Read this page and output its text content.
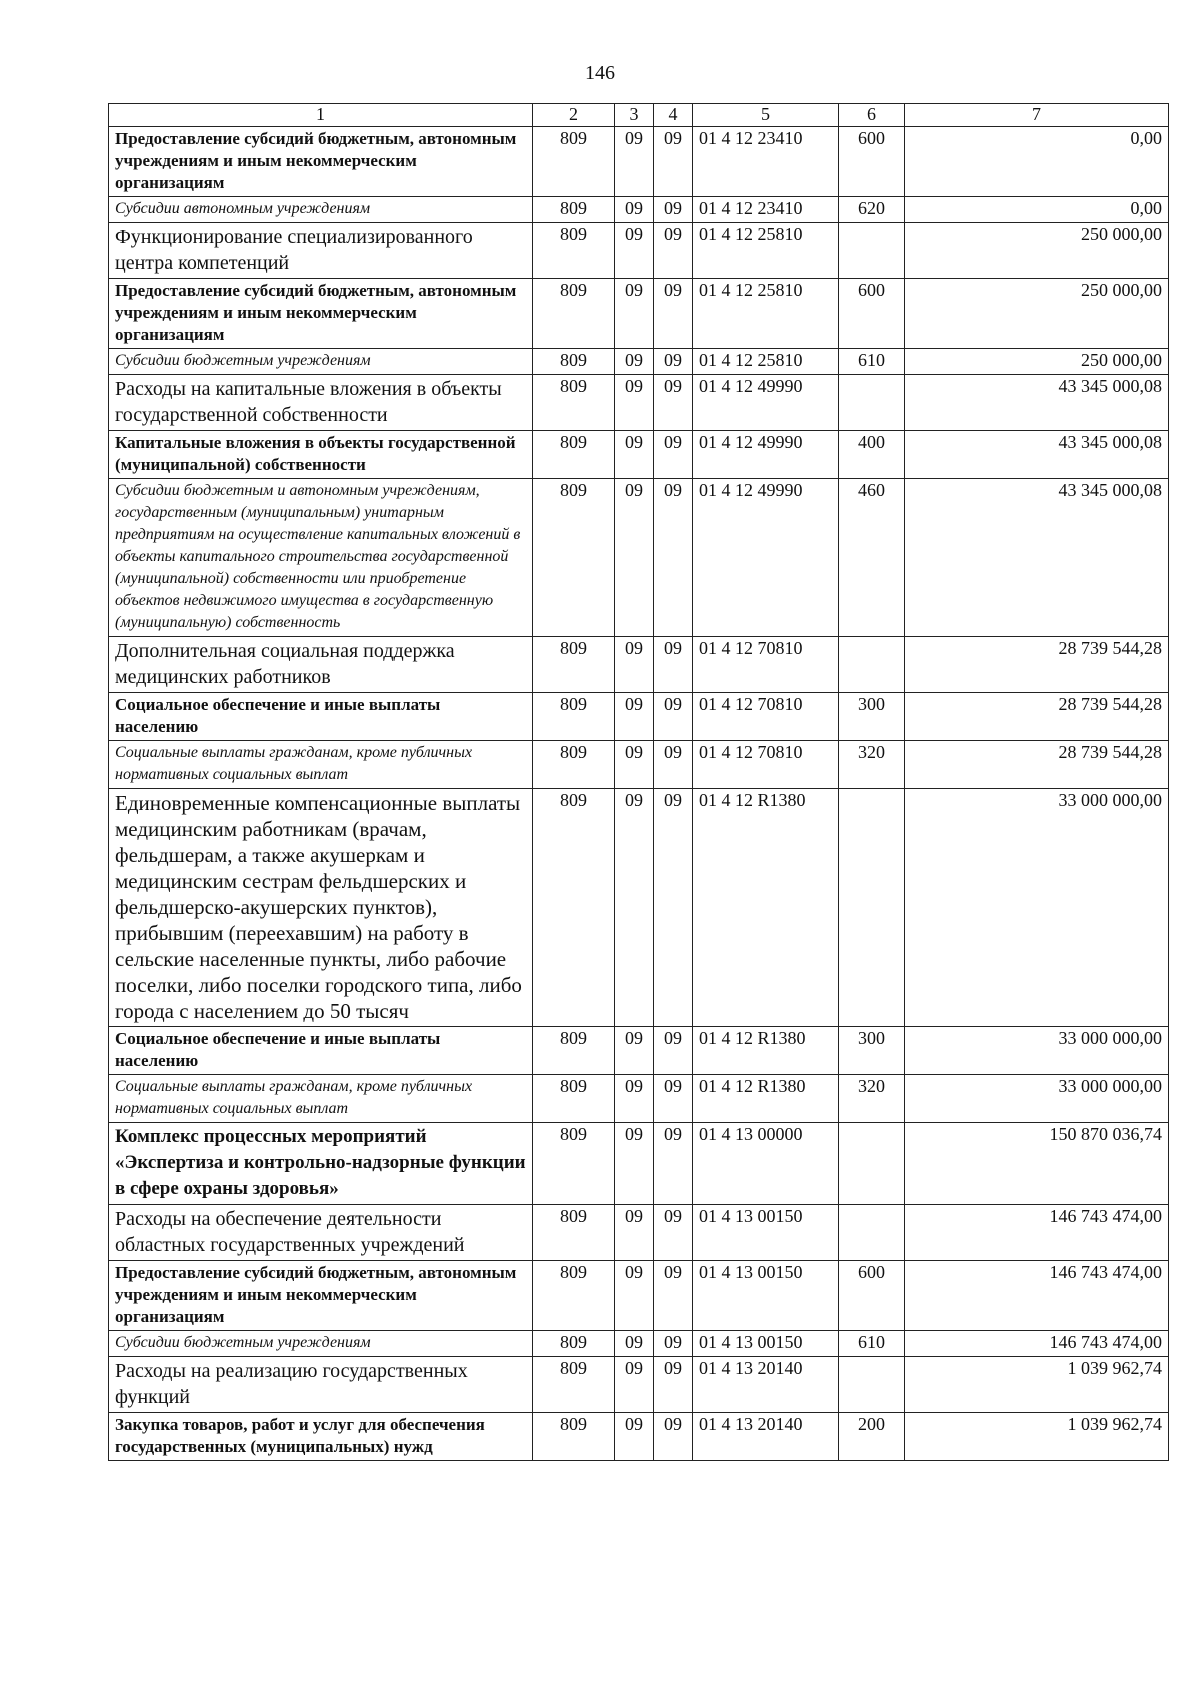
146
1	2	3	4	5	6	7
Предоставление субсидий бюджетным, автономным учреждениям и иным некоммерческим организациям	809	09	09	01 4 12 23410	600	0,00
Субсидии автономным учреждениям	809	09	09	01 4 12 23410	620	0,00
Функционирование специализированного центра компетенций	809	09	09	01 4 12 25810		250 000,00
Предоставление субсидий бюджетным, автономным учреждениям и иным некоммерческим организациям	809	09	09	01 4 12 25810	600	250 000,00
Субсидии бюджетным учреждениям	809	09	09	01 4 12 25810	610	250 000,00
Расходы на капитальные вложения в объекты государственной собственности	809	09	09	01 4 12 49990		43 345 000,08
Капитальные вложения в объекты государственной (муниципальной) собственности	809	09	09	01 4 12 49990	400	43 345 000,08
Субсидии бюджетным и автономным учреждениям, государственным (муниципальным) унитарным предприятиям на осуществление капитальных вложений в объекты капитального строительства государственной (муниципальной) собственности или приобретение объектов недвижимого имущества в государственную (муниципальную) собственность	809	09	09	01 4 12 49990	460	43 345 000,08
Дополнительная социальная поддержка медицинских работников	809	09	09	01 4 12 70810		28 739 544,28
Социальное обеспечение и иные выплаты населению	809	09	09	01 4 12 70810	300	28 739 544,28
Социальные выплаты гражданам, кроме публичных нормативных социальных выплат	809	09	09	01 4 12 70810	320	28 739 544,28
Единовременные компенсационные выплаты медицинским работникам (врачам, фельдшерам, а также акушеркам и медицинским сестрам фельдшерских и фельдшерско-акушерских пунктов), прибывшим (переехавшим) на работу в сельские населенные пункты, либо рабочие поселки, либо поселки городского типа, либо города с населением до 50 тысяч	809	09	09	01 4 12 R1380		33 000 000,00
Социальное обеспечение и иные выплаты населению	809	09	09	01 4 12 R1380	300	33 000 000,00
Социальные выплаты гражданам, кроме публичных нормативных социальных выплат	809	09	09	01 4 12 R1380	320	33 000 000,00
Комплекс процессных мероприятий «Экспертиза и контрольно-надзорные функции в сфере охраны здоровья»	809	09	09	01 4 13 00000		150 870 036,74
Расходы на обеспечение деятельности областных государственных учреждений	809	09	09	01 4 13 00150		146 743 474,00
Предоставление субсидий бюджетным, автономным учреждениям и иным некоммерческим организациям	809	09	09	01 4 13 00150	600	146 743 474,00
Субсидии бюджетным учреждениям	809	09	09	01 4 13 00150	610	146 743 474,00
Расходы на реализацию государственных функций	809	09	09	01 4 13 20140		1 039 962,74
Закупка товаров, работ и услуг для обеспечения государственных (муниципальных) нужд	809	09	09	01 4 13 20140	200	1 039 962,74
